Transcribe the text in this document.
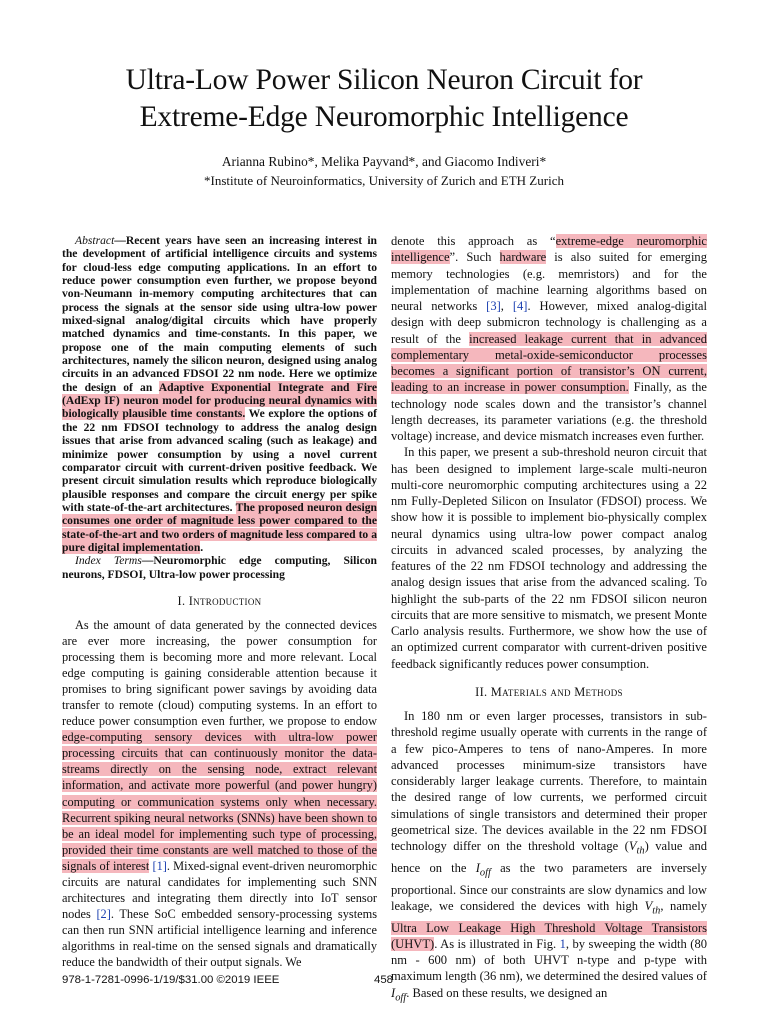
Ultra-Low Power Silicon Neuron Circuit for
Extreme-Edge Neuromorphic Intelligence
Arianna Rubino*, Melika Payvand*, and Giacomo Indiveri*
*Institute of Neuroinformatics, University of Zurich and ETH Zurich

Abstract—Recent years have seen an increasing interest in the development of artificial intelligence circuits and systems for cloud-less edge computing applications. In an effort to reduce power consumption even further, we propose beyond von-Neumann in-memory computing architectures that can process the signals at the sensor side using ultra-low power mixed-signal analog/digital circuits which have properly matched dynamics and time-constants. In this paper, we propose one of the main computing elements of such architectures, namely the silicon neuron, designed using analog circuits in an advanced FDSOI 22 nm node. Here we optimize the design of an Adaptive Exponential Integrate and Fire (AdExp IF) neuron model for producing neural dynamics with biologically plausible time constants. We explore the options of the 22 nm FDSOI technology to address the analog design issues that arise from advanced scaling (such as leakage) and minimize power consumption by using a novel current comparator circuit with current-driven positive feedback. We present circuit simulation results which reproduce biologically plausible responses and compare the circuit energy per spike with state-of-the-art architectures. The proposed neuron design consumes one order of magnitude less power compared to the state-of-the-art and two orders of magnitude less compared to a pure digital implementation.

Index Terms—Neuromorphic edge computing, Silicon neurons, FDSOI, Ultra-low power processing

I. Introduction

As the amount of data generated by the connected devices are ever more increasing, the power consumption for processing them is becoming more and more relevant. Local edge computing is gaining considerable attention because it promises to bring significant power savings by avoiding data transfer to remote (cloud) computing systems. In an effort to reduce power consumption even further, we propose to endow edge-computing sensory devices with ultra-low power processing circuits that can continuously monitor the data-streams directly on the sensing node, extract relevant information, and activate more powerful (and power hungry) computing or communication systems only when necessary. Recurrent spiking neural networks (SNNs) have been shown to be an ideal model for implementing such type of processing, provided their time constants are well matched to those of the signals of interest [1]. Mixed-signal event-driven neuromorphic circuits are natural candidates for implementing such SNN architectures and integrating them directly into IoT sensor nodes [2]. These SoC embedded sensory-processing systems can then run SNN artificial intelligence learning and inference algorithms in real-time on the sensed signals and dramatically reduce the bandwidth of their output signals. We

denote this approach as “extreme-edge neuromorphic intelligence”. Such hardware is also suited for emerging memory technologies (e.g. memristors) and for the implementation of machine learning algorithms based on neural networks [3], [4]. However, mixed analog-digital design with deep submicron technology is challenging as a result of the increased leakage current that in advanced complementary metal-oxide-semiconductor processes becomes a significant portion of transistor’s ON current, leading to an increase in power consumption. Finally, as the technology node scales down and the transistor’s channel length decreases, its parameter variations (e.g. the threshold voltage) increase, and device mismatch increases even further.

In this paper, we present a sub-threshold neuron circuit that has been designed to implement large-scale multi-neuron multi-core neuromorphic computing architectures using a 22 nm Fully-Depleted Silicon on Insulator (FDSOI) process. We show how it is possible to implement bio-physically complex neural dynamics using ultra-low power compact analog circuits in advanced scaled processes, by analyzing the features of the 22 nm FDSOI technology and addressing the analog design issues that arise from the advanced scaling. To highlight the sub-parts of the 22 nm FDSOI silicon neuron circuits that are more sensitive to mismatch, we present Monte Carlo analysis results. Furthermore, we show how the use of an optimized current comparator with current-driven positive feedback significantly reduces power consumption.

II. Materials and Methods

In 180 nm or even larger processes, transistors in sub-threshold regime usually operate with currents in the range of a few pico-Amperes to tens of nano-Amperes. In more advanced processes minimum-size transistors have considerably larger leakage currents. Therefore, to maintain the desired range of low currents, we performed circuit simulations of single transistors and determined their proper geometrical size. The devices available in the 22 nm FDSOI technology differ on the threshold voltage $(V_{th})$ value and hence on the $I_{off}$ as the two parameters are inversely proportional. Since our constraints are slow dynamics and low leakage, we considered the devices with high $V_{th}$, namely Ultra Low Leakage High Threshold Voltage Transistors (UHVT). As is illustrated in Fig. 1, by sweeping the width (80 nm - 600 nm) of both UHVT n-type and p-type with maximum length (36 nm), we determined the desired values of $I_{off}$. Based on these results, we designed an

978-1-7281-0996-1/19/$31.00 ©2019 IEEE	458
